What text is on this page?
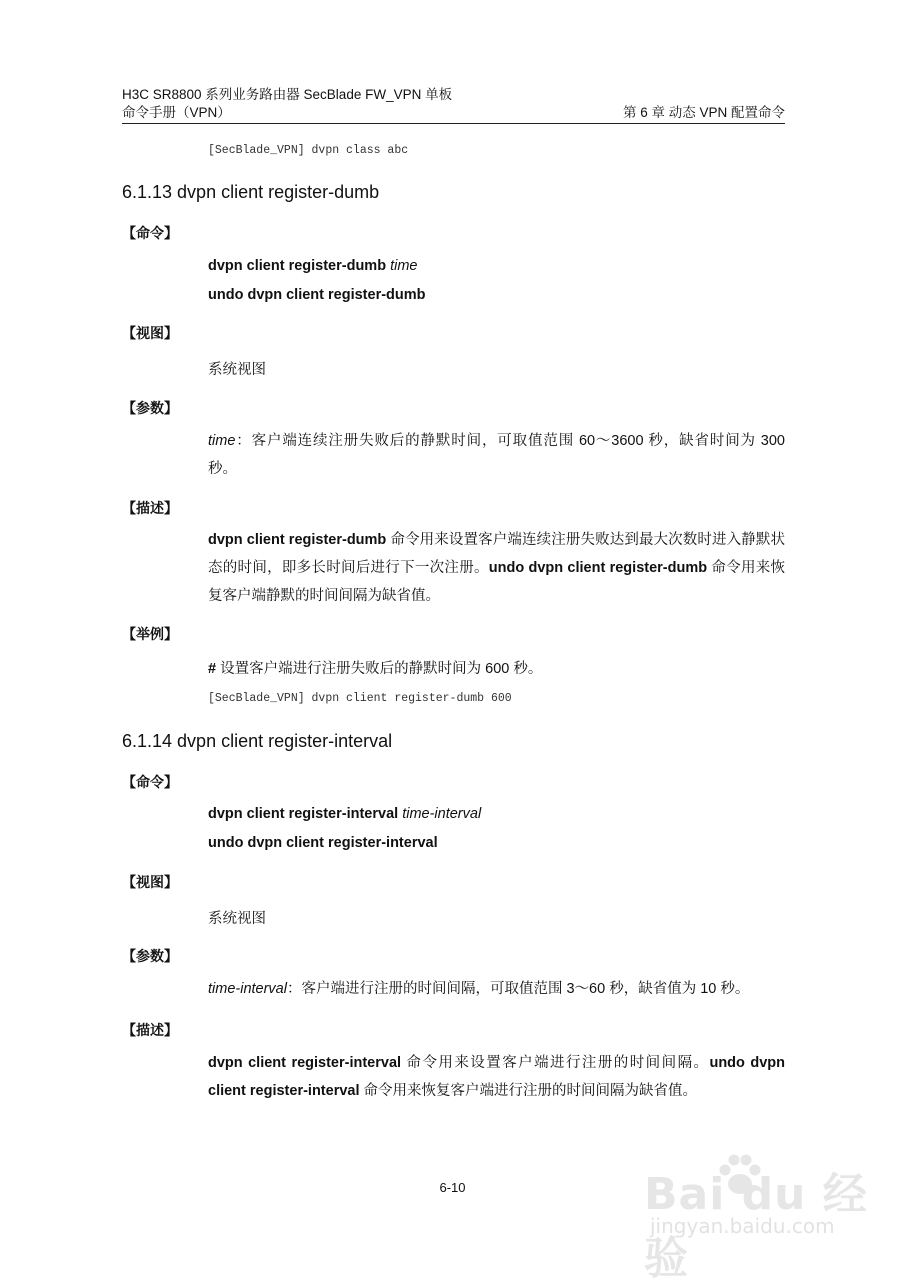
H3C SR8800 系列业务路由器 SecBlade FW_VPN 单板
命令手册（VPN）	第 6 章 动态 VPN 配置命令
[SecBlade_VPN] dvpn class abc
6.1.13 dvpn client register-dumb
【命令】
dvpn client register-dumb time
undo dvpn client register-dumb
【视图】
系统视图
【参数】
time：客户端连续注册失败后的静默时间，可取值范围 60～3600 秒，缺省时间为 300 秒。
【描述】
dvpn client register-dumb 命令用来设置客户端连续注册失败达到最大次数时进入静默状态的时间，即多长时间后进行下一次注册。undo dvpn client register-dumb 命令用来恢复客户端静默的时间间隔为缺省值。
【举例】
# 设置客户端进行注册失败后的静默时间为 600 秒。
[SecBlade_VPN] dvpn client register-dumb 600
6.1.14 dvpn client register-interval
【命令】
dvpn client register-interval time-interval
undo dvpn client register-interval
【视图】
系统视图
【参数】
time-interval：客户端进行注册的时间间隔，可取值范围 3～60 秒，缺省值为 10 秒。
【描述】
dvpn client register-interval 命令用来设置客户端进行注册的时间间隔。undo dvpn client register-interval 命令用来恢复客户端进行注册的时间间隔为缺省值。
6-10	Bai du 经验
jingyan.baidu.com
